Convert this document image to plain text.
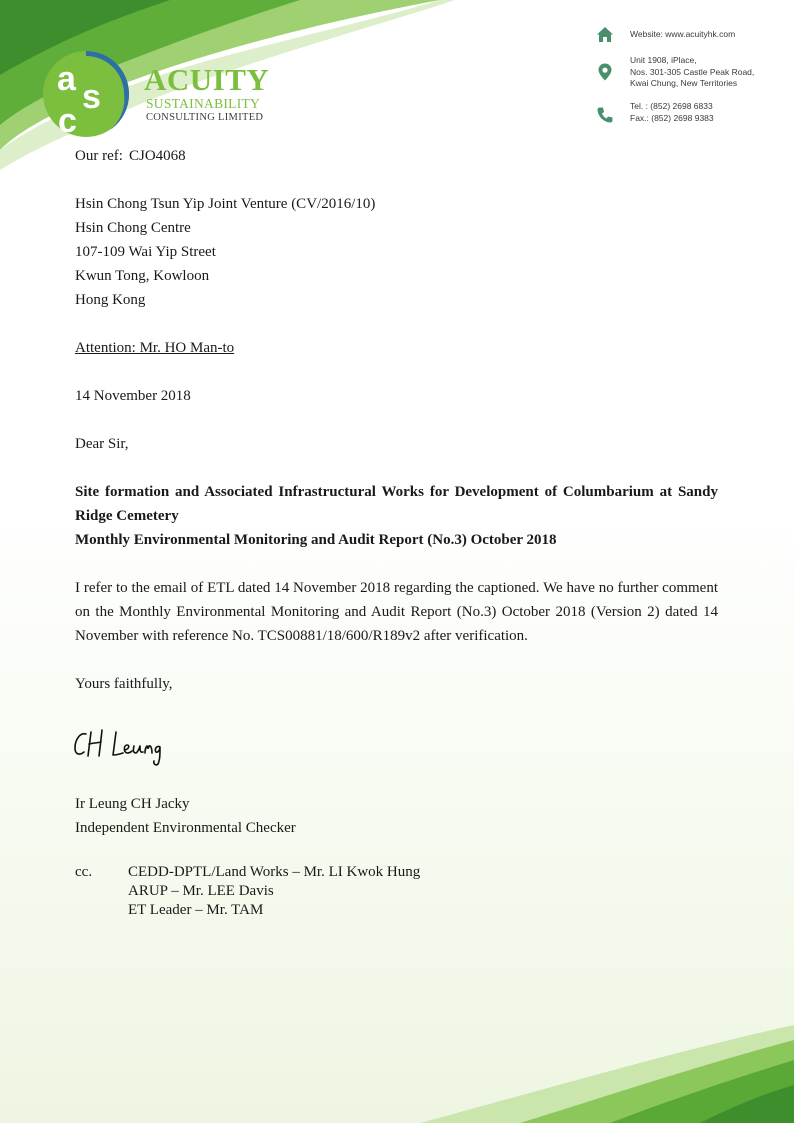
a s
c
ACUITY
SUSTAINABILITY
CONSULTING LIMITED
Website: www.acuityhk.com
Unit 1908, iPlace,
Nos. 301-305 Castle Peak Road,
Kwai Chung, New Territories
Tel. : (852) 2698 6833
Fax.: (852) 2698 9383
Our ref: CJO4068
Hsin Chong Tsun Yip Joint Venture (CV/2016/10)
Hsin Chong Centre
107-109 Wai Yip Street
Kwun Tong, Kowloon
Hong Kong
Attention: Mr. HO Man-to
14 November 2018
Dear Sir,
Site formation and Associated Infrastructural Works for Development of Columbarium at Sandy Ridge Cemetery
Monthly Environmental Monitoring and Audit Report (No.3) October 2018
I refer to the email of ETL dated 14 November 2018 regarding the captioned. We have no further comment on the Monthly Environmental Monitoring and Audit Report (No.3) October 2018 (Version 2) dated 14 November with reference No. TCS00881/18/600/R189v2 after verification.
Yours faithfully,
Ir Leung CH Jacky
Independent Environmental Checker
cc. CEDD-DPTL/Land Works – Mr. LI Kwok Hung
ARUP – Mr. LEE Davis
ET Leader – Mr. TAM
